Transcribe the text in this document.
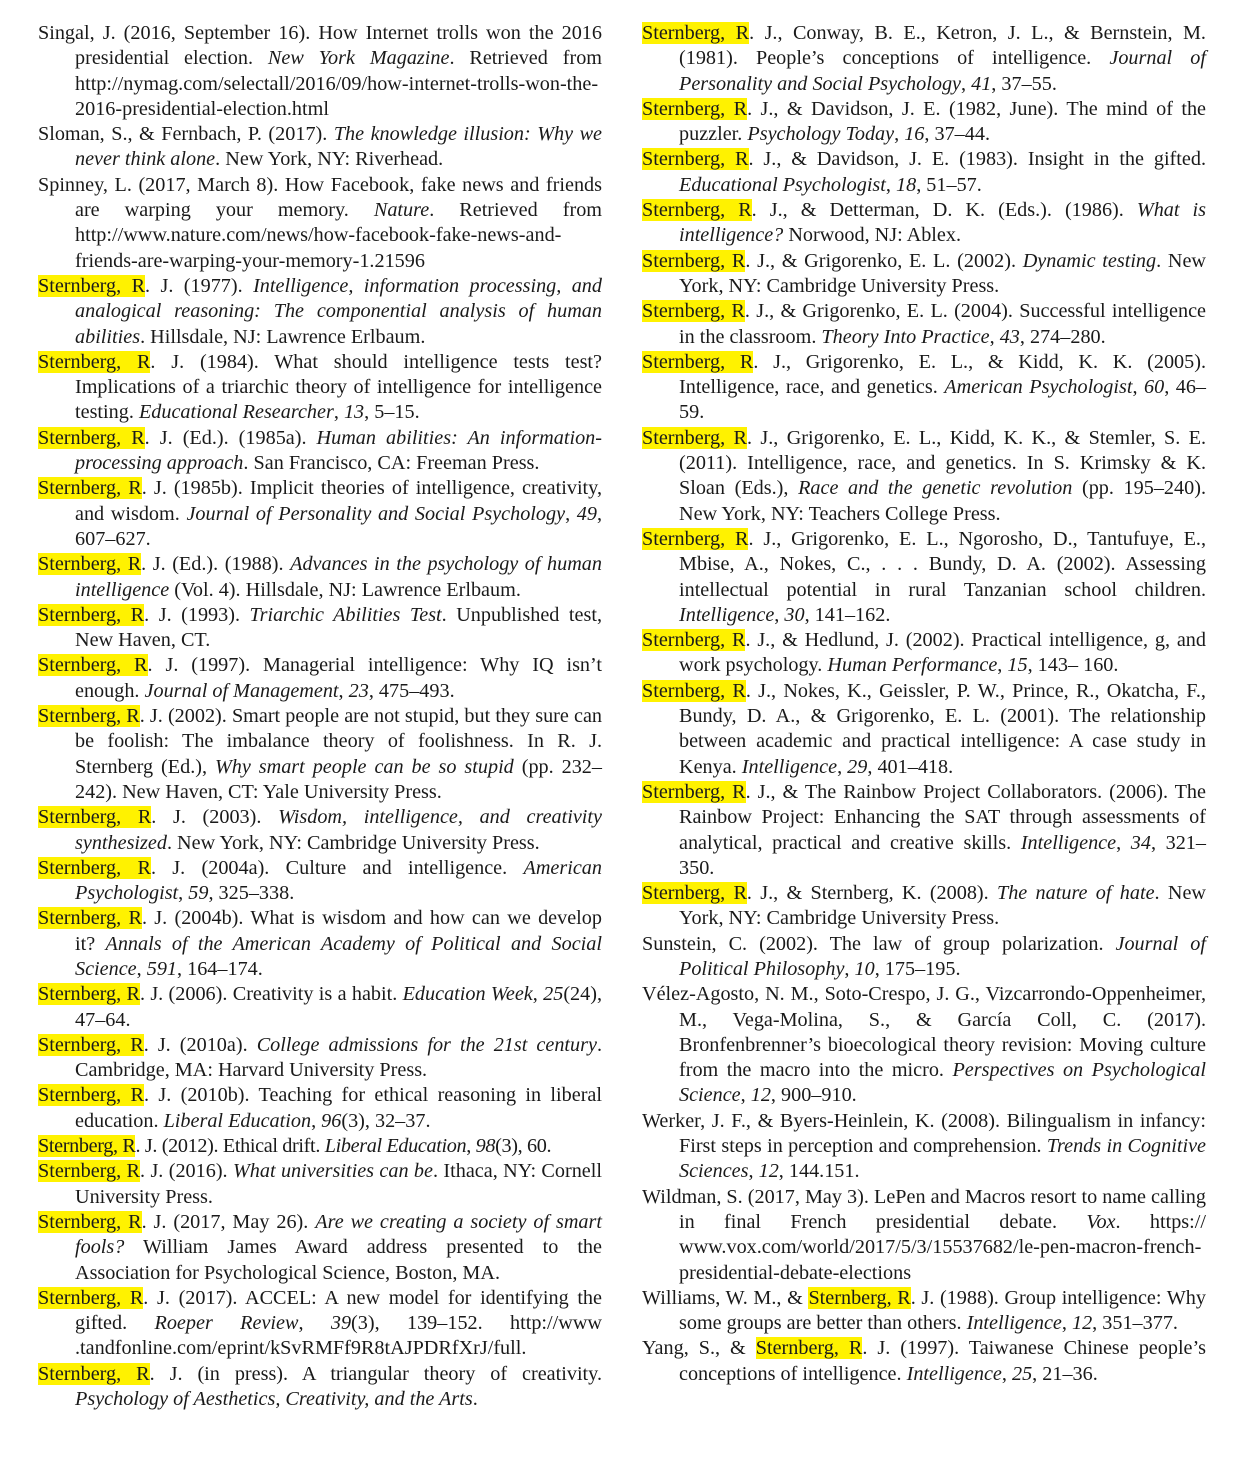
Singal, J. (2016, September 16). How Internet trolls won the 2016 presidential election. New York Magazine. Retrieved from http://nymag.com/selectall/2016/09/how-internet-trolls-won-the-2016-presidential-election.html

Sloman, S., & Fernbach, P. (2017). The knowledge illusion: Why we never think alone. New York, NY: Riverhead.

Spinney, L. (2017, March 8). How Facebook, fake news and friends are warping your memory. Nature. Retrieved from http://www.nature.com/news/how-facebook-fake-news-and-friends-are-warping-your-memory-1.21596

Sternberg, R. J. (1977). Intelligence, information processing, and analogical reasoning: The componential analysis of human abilities. Hillsdale, NJ: Lawrence Erlbaum.

Sternberg, R. J. (1984). What should intelligence tests test? Implications of a triarchic theory of intelligence for intelligence testing. Educational Researcher, 13, 5–15.

Sternberg, R. J. (Ed.). (1985a). Human abilities: An information-processing approach. San Francisco, CA: Freeman Press.

Sternberg, R. J. (1985b). Implicit theories of intelligence, creativity, and wisdom. Journal of Personality and Social Psychology, 49, 607–627.

Sternberg, R. J. (Ed.). (1988). Advances in the psychology of human intelligence (Vol. 4). Hillsdale, NJ: Lawrence Erlbaum.

Sternberg, R. J. (1993). Triarchic Abilities Test. Unpublished test, New Haven, CT.

Sternberg, R. J. (1997). Managerial intelligence: Why IQ isn’t enough. Journal of Management, 23, 475–493.

Sternberg, R. J. (2002). Smart people are not stupid, but they sure can be foolish: The imbalance theory of foolishness. In R. J. Sternberg (Ed.), Why smart people can be so stupid (pp. 232–242). New Haven, CT: Yale University Press.

Sternberg, R. J. (2003). Wisdom, intelligence, and creativity synthesized. New York, NY: Cambridge University Press.

Sternberg, R. J. (2004a). Culture and intelligence. American Psychologist, 59, 325–338.

Sternberg, R. J. (2004b). What is wisdom and how can we develop it? Annals of the American Academy of Political and Social Science, 591, 164–174.

Sternberg, R. J. (2006). Creativity is a habit. Education Week, 25(24), 47–64.

Sternberg, R. J. (2010a). College admissions for the 21st century. Cambridge, MA: Harvard University Press.

Sternberg, R. J. (2010b). Teaching for ethical reasoning in liberal education. Liberal Education, 96(3), 32–37.

Sternberg, R. J. (2012). Ethical drift. Liberal Education, 98(3), 60.

Sternberg, R. J. (2016). What universities can be. Ithaca, NY: Cornell University Press.

Sternberg, R. J. (2017, May 26). Are we creating a society of smart fools? William James Award address presented to the Association for Psychological Science, Boston, MA.

Sternberg, R. J. (2017). ACCEL: A new model for identifying the gifted. Roeper Review, 39(3), 139–152. http://www .tandfonline.com/eprint/kSvRMFf9R8tAJPDRfXrJ/full.

Sternberg, R. J. (in press). A triangular theory of creativity. Psychology of Aesthetics, Creativity, and the Arts.

Sternberg, R. J., Conway, B. E., Ketron, J. L., & Bernstein, M. (1981). People’s conceptions of intelligence. Journal of Personality and Social Psychology, 41, 37–55.

Sternberg, R. J., & Davidson, J. E. (1982, June). The mind of the puzzler. Psychology Today, 16, 37–44.

Sternberg, R. J., & Davidson, J. E. (1983). Insight in the gifted. Educational Psychologist, 18, 51–57.

Sternberg, R. J., & Detterman, D. K. (Eds.). (1986). What is intelligence? Norwood, NJ: Ablex.

Sternberg, R. J., & Grigorenko, E. L. (2002). Dynamic testing. New York, NY: Cambridge University Press.

Sternberg, R. J., & Grigorenko, E. L. (2004). Successful intelligence in the classroom. Theory Into Practice, 43, 274–280.

Sternberg, R. J., Grigorenko, E. L., & Kidd, K. K. (2005). Intelligence, race, and genetics. American Psychologist, 60, 46–59.

Sternberg, R. J., Grigorenko, E. L., Kidd, K. K., & Stemler, S. E. (2011). Intelligence, race, and genetics. In S. Krimsky & K. Sloan (Eds.), Race and the genetic revolution (pp. 195–240). New York, NY: Teachers College Press.

Sternberg, R. J., Grigorenko, E. L., Ngorosho, D., Tantufuye, E., Mbise, A., Nokes, C., . . . Bundy, D. A. (2002). Assessing intellectual potential in rural Tanzanian school children. Intelligence, 30, 141–162.

Sternberg, R. J., & Hedlund, J. (2002). Practical intelligence, g, and work psychology. Human Performance, 15, 143– 160.

Sternberg, R. J., Nokes, K., Geissler, P. W., Prince, R., Okatcha, F., Bundy, D. A., & Grigorenko, E. L. (2001). The relationship between academic and practical intelligence: A case study in Kenya. Intelligence, 29, 401–418.

Sternberg, R. J., & The Rainbow Project Collaborators. (2006). The Rainbow Project: Enhancing the SAT through assessments of analytical, practical and creative skills. Intelligence, 34, 321–350.

Sternberg, R. J., & Sternberg, K. (2008). The nature of hate. New York, NY: Cambridge University Press.

Sunstein, C. (2002). The law of group polarization. Journal of Political Philosophy, 10, 175–195.

Vélez-Agosto, N. M., Soto-Crespo, J. G., Vizcarrondo-Oppenheimer, M., Vega-Molina, S., & García Coll, C. (2017). Bronfenbrenner’s bioecological theory revision: Moving culture from the macro into the micro. Perspectives on Psychological Science, 12, 900–910.

Werker, J. F., & Byers-Heinlein, K. (2008). Bilingualism in infancy: First steps in perception and comprehension. Trends in Cognitive Sciences, 12, 144.151.

Wildman, S. (2017, May 3). LePen and Macros resort to name calling in final French presidential debate. Vox. https:// www.vox.com/world/2017/5/3/15537682/le-pen-macron-french-presidential-debate-elections

Williams, W. M., & Sternberg, R. J. (1988). Group intelligence: Why some groups are better than others. Intelligence, 12, 351–377.

Yang, S., & Sternberg, R. J. (1997). Taiwanese Chinese people’s conceptions of intelligence. Intelligence, 25, 21–36.
